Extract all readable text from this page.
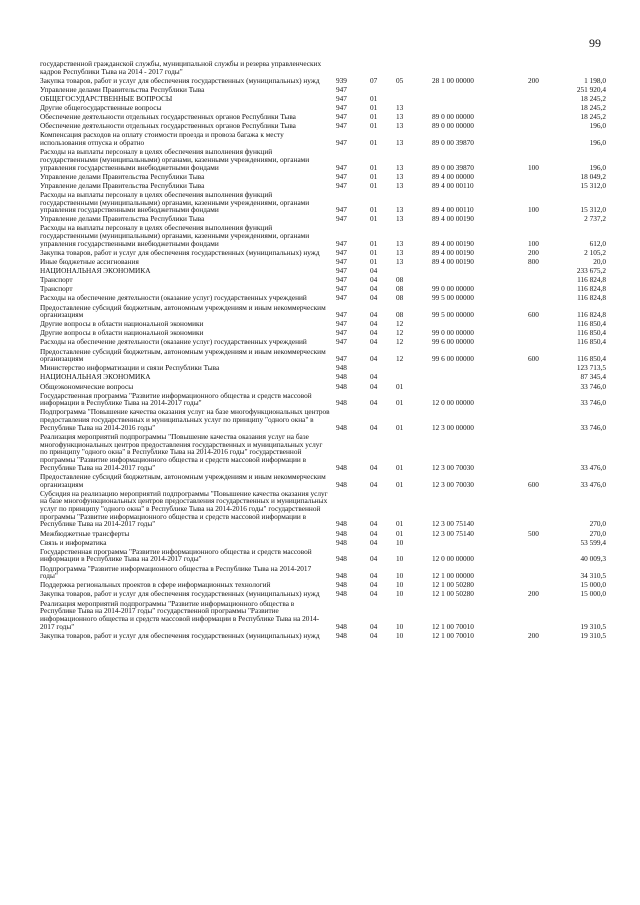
99
государственной гражданской службы, муниципальной службы и резерва управленческих кадров Республики Тыва на 2014 - 2017 годы"
Закупка товаров, работ и услуг для обеспечения государственных (муниципальных) нужд	939	07	05	28 1 00 00000	200	1 198,0
Управление делами Правительства Республики Тыва	947	251 920,4
ОБЩЕГОСУДАРСТВЕННЫЕ ВОПРОСЫ	947	01	18 245,2
Другие общегосударственные вопросы	947	01	13	18 245,2
Обеспечение деятельности отдельных государственных органов Республики Тыва	947	01	13	89 0 00 00000	18 245,2
Обеспечение деятельности отдельных государственных органов Республики Тыва	947	01	13	89 0 00 00000	196,0
Компенсация расходов на оплату стоимости проезда и провоза багажа к месту использования отпуска и обратно	947	01	13	89 0 00 39870	196,0
Расходы на выплаты персоналу в целях обеспечения выполнения функций государственными (муниципальными) органами, казенными учреждениями, органами управления государственными внебюджетными фондами	947	01	13	89 0 00 39870	100	196,0
Управление делами Правительства Республики Тыва	947	01	13	89 4 00 00000	18 049,2
Управление делами Правительства Республики Тыва	947	01	13	89 4 00 00110	15 312,0
Расходы на выплаты персоналу в целях обеспечения выполнения функций государственными (муниципальными) органами, казенными учреждениями, органами управления государственными внебюджетными фондами	947	01	13	89 4 00 00110	100	15 312,0
Управление делами Правительства Республики Тыва	947	01	13	89 4 00 00190	2 737,2
Расходы на выплаты персоналу в целях обеспечения выполнения функций государственными (муниципальными) органами, казенными учреждениями, органами управления государственными внебюджетными фондами	947	01	13	89 4 00 00190	100	612,0
Закупка товаров, работ и услуг для обеспечения государственных (муниципальных) нужд	947	01	13	89 4 00 00190	200	2 105,2
Иные бюджетные ассигнования	947	01	13	89 4 00 00190	800	20,0
НАЦИОНАЛЬНАЯ ЭКОНОМИКА	947	04	233 675,2
Транспорт	947	04	08	116 824,8
Транспорт	947	04	08	99 0 00 00000	116 824,8
Расходы на обеспечение деятельности (оказание услуг) государственных учреждений	947	04	08	99 5 00 00000	116 824,8
Предоставление субсидий бюджетным, автономным учреждениям и иным некоммерческим организациям	947	04	08	99 5 00 00000	600	116 824,8
Другие вопросы в области национальной экономики	947	04	12	116 850,4
Другие вопросы в области национальной экономики	947	04	12	99 0 00 00000	116 850,4
Расходы на обеспечение деятельности (оказание услуг) государственных учреждений	947	04	12	99 6 00 00000	116 850,4
Предоставление субсидий бюджетным, автономным учреждениям и иным некоммерческим организациям	947	04	12	99 6 00 00000	600	116 850,4
Министерство информатизации и связи Республики Тыва	948	123 713,5
НАЦИОНАЛЬНАЯ ЭКОНОМИКА	948	04	87 345,4
Общеэкономические вопросы	948	04	01	33 746,0
Государственная программа "Развитие информационного общества и средств массовой информации в Республике Тыва на 2014-2017 годы"	948	04	01	12 0 00 00000	33 746,0
Подпрограмма "Повышение качества оказания услуг на базе многофункциональных центров предоставления государственных и муниципальных услуг по принципу "одного окна" в Республике Тыва на 2014-2016 годы"	948	04	01	12 3 00 00000	33 746,0
Реализация мероприятий подпрограммы "Повышение качества оказания услуг на базе многофункциональных центров предоставления государственных и муниципальных услуг по принципу "одного окна" в Республике Тыва на 2014-2016 годы" государственной программы "Развитие информационного общества и средств массовой информации в Республике Тыва на 2014-2017 годы"	948	04	01	12 3 00 70030	33 476,0
Предоставление субсидий бюджетным, автономным учреждениям и иным некоммерческим организациям	948	04	01	12 3 00 70030	600	33 476,0
Субсидия на реализацию мероприятий подпрограммы "Повышение качества оказания услуг на базе многофункциональных центров предоставления государственных и муниципальных услуг по принципу "одного окна" в Республике Тыва на 2014-2016 годы" государственной программы "Развитие информационного общества и средств массовой информации в Республике Тыва на 2014-2017 годы"	948	04	01	12 3 00 75140	270,0
Межбюджетные трансферты	948	04	01	12 3 00 75140	500	270,0
Связь и информатика	948	04	10	53 599,4
Государственная программа "Развитие информационного общества и средств массовой информации в Республике Тыва на 2014-2017 годы"	948	04	10	12 0 00 00000	40 009,3
Подпрограмма "Развитие информационного общества в Республике Тыва на 2014-2017 годы"	948	04	10	12 1 00 00000	34 310,5
Поддержка региональных проектов в сфере информационных технологий	948	04	10	12 1 00 50280	15 000,0
Закупка товаров, работ и услуг для обеспечения государственных (муниципальных) нужд	948	04	10	12 1 00 50280	200	15 000,0
Реализация мероприятий подпрограммы "Развитие информационного общества в Республике Тыва на 2014-2017 годы" государственной программы "Развитие информационного общества и средств массовой информации в Республике Тыва на 2014-2017 годы"	948	04	10	12 1 00 70010	19 310,5
Закупка товаров, работ и услуг для обеспечения государственных (муниципальных) нужд	948	04	10	12 1 00 70010	200	19 310,5
